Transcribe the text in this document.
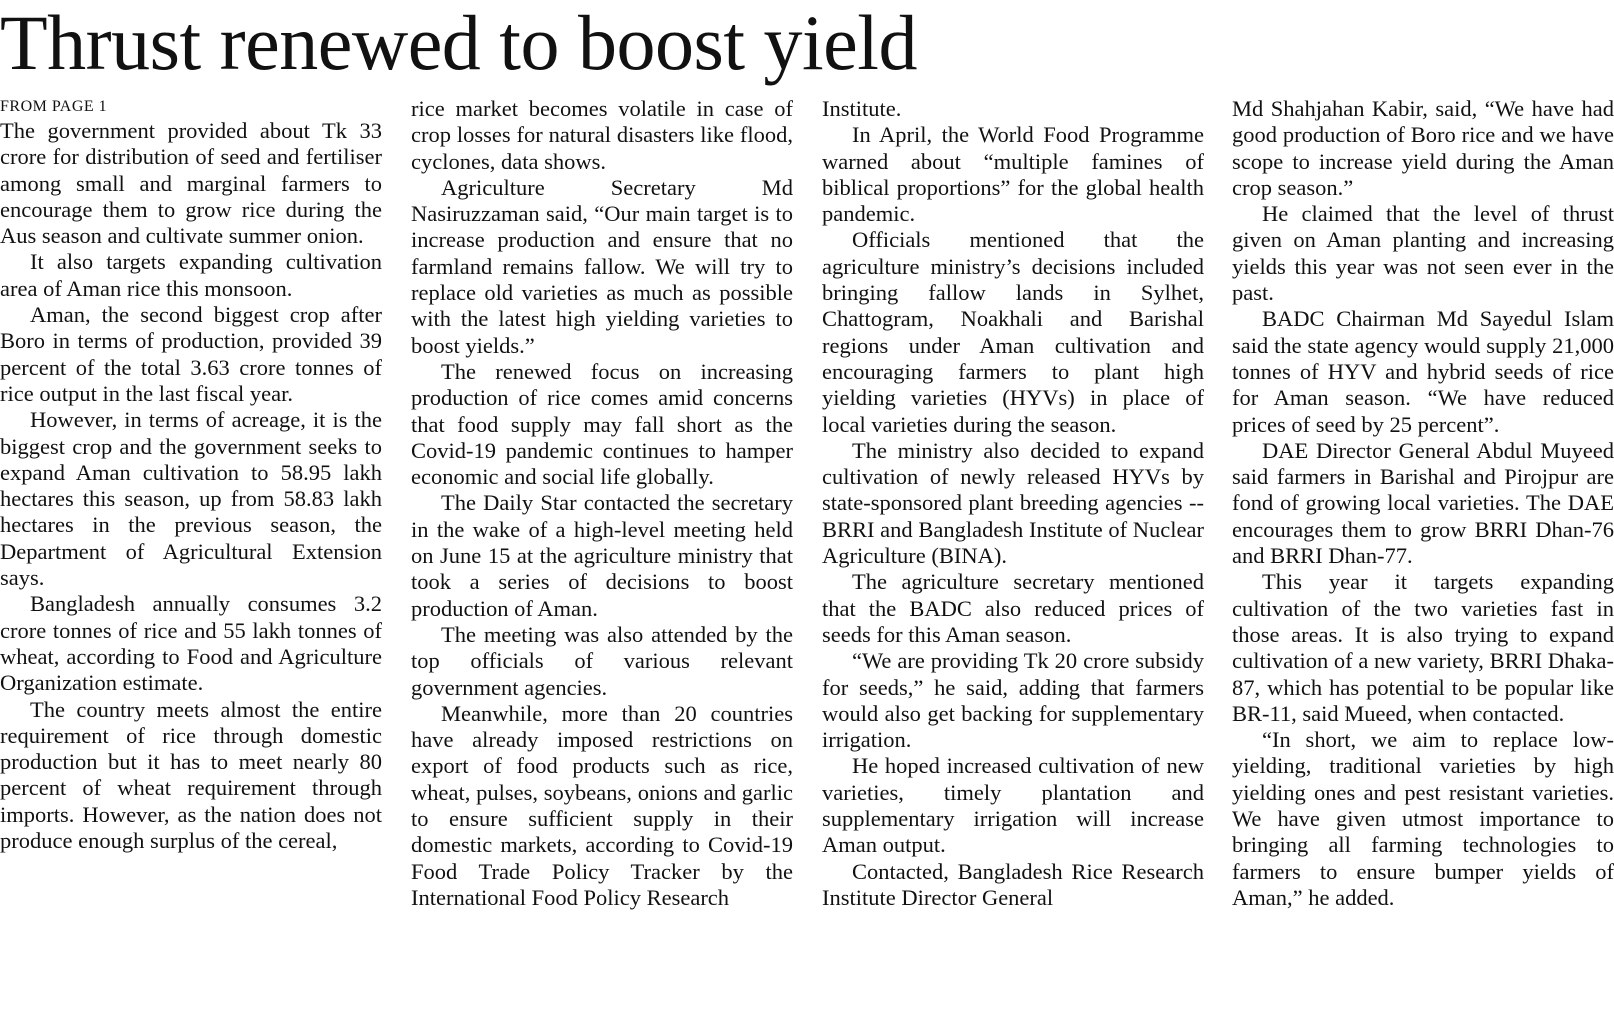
Thrust renewed to boost yield
FROM PAGE 1

The government provided about Tk 33 crore for distribution of seed and fertiliser among small and marginal farmers to encourage them to grow rice during the Aus season and cultivate summer onion.

It also targets expanding cultivation area of Aman rice this monsoon.

Aman, the second biggest crop after Boro in terms of production, provided 39 percent of the total 3.63 crore tonnes of rice output in the last fiscal year.

However, in terms of acreage, it is the biggest crop and the government seeks to expand Aman cultivation to 58.95 lakh hectares this season, up from 58.83 lakh hectares in the previous season, the Department of Agricultural Extension says.

Bangladesh annually consumes 3.2 crore tonnes of rice and 55 lakh tonnes of wheat, according to Food and Agriculture Organization estimate.

The country meets almost the entire requirement of rice through domestic production but it has to meet nearly 80 percent of wheat requirement through imports. However, as the nation does not produce enough surplus of the cereal,

rice market becomes volatile in case of crop losses for natural disasters like flood, cyclones, data shows.

Agriculture Secretary Md Nasiruzzaman said, “Our main target is to increase production and ensure that no farmland remains fallow. We will try to replace old varieties as much as possible with the latest high yielding varieties to boost yields.”

The renewed focus on increasing production of rice comes amid concerns that food supply may fall short as the Covid-19 pandemic continues to hamper economic and social life globally.

The Daily Star contacted the secretary in the wake of a high-level meeting held on June 15 at the agriculture ministry that took a series of decisions to boost production of Aman.

The meeting was also attended by the top officials of various relevant government agencies.

Meanwhile, more than 20 countries have already imposed restrictions on export of food products such as rice, wheat, pulses, soybeans, onions and garlic to ensure sufficient supply in their domestic markets, according to Covid-19 Food Trade Policy Tracker by the International Food Policy Research

Institute.

In April, the World Food Programme warned about “multiple famines of biblical proportions” for the global health pandemic.

Officials mentioned that the agriculture ministry’s decisions included bringing fallow lands in Sylhet, Chattogram, Noakhali and Barishal regions under Aman cultivation and encouraging farmers to plant high yielding varieties (HYVs) in place of local varieties during the season.

The ministry also decided to expand cultivation of newly released HYVs by state-sponsored plant breeding agencies -- BRRI and Bangladesh Institute of Nuclear Agriculture (BINA).

The agriculture secretary mentioned that the BADC also reduced prices of seeds for this Aman season.

“We are providing Tk 20 crore subsidy for seeds,” he said, adding that farmers would also get backing for supplementary irrigation.

He hoped increased cultivation of new varieties, timely plantation and supplementary irrigation will increase Aman output.

Contacted, Bangladesh Rice Research Institute Director General

Md Shahjahan Kabir, said, “We have had good production of Boro rice and we have scope to increase yield during the Aman crop season.”

He claimed that the level of thrust given on Aman planting and increasing yields this year was not seen ever in the past.

BADC Chairman Md Sayedul Islam said the state agency would supply 21,000 tonnes of HYV and hybrid seeds of rice for Aman season. “We have reduced prices of seed by 25 percent”.

DAE Director General Abdul Muyeed said farmers in Barishal and Pirojpur are fond of growing local varieties. The DAE encourages them to grow BRRI Dhan-76 and BRRI Dhan-77.

This year it targets expanding cultivation of the two varieties fast in those areas. It is also trying to expand cultivation of a new variety, BRRI Dhaka-87, which has potential to be popular like BR-11, said Mueed, when contacted.

“In short, we aim to replace low-yielding, traditional varieties by high yielding ones and pest resistant varieties. We have given utmost importance to bringing all farming technologies to farmers to ensure bumper yields of Aman,” he added.
